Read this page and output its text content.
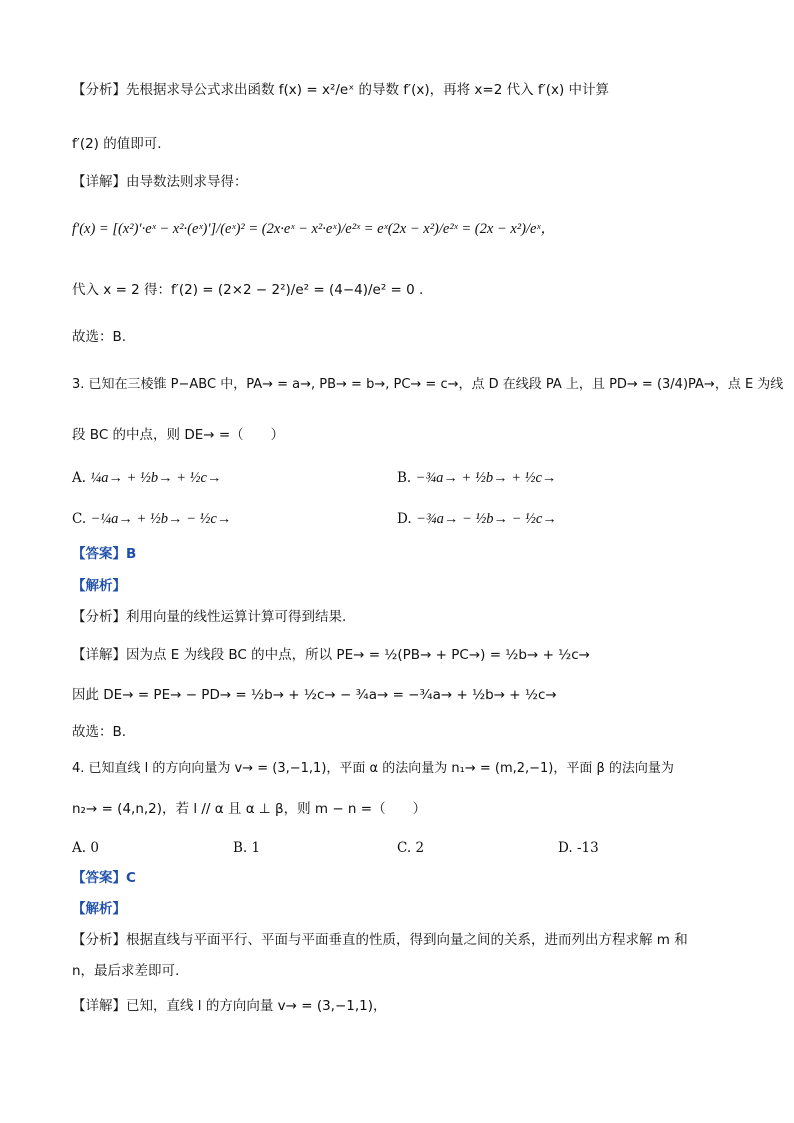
【分析】先根据求导公式求出函数 f(x) = x²/eˣ 的导数 f′(x)，再将 x=2 代入 f′(x) 中计算
f′(2) 的值即可.
【详解】由导数法则求导得：
f′(x) = [(x²)′·eˣ − x²·(eˣ)′]/(eˣ)² = (2x·eˣ − x²·eˣ)/e²ˣ = eˣ(2x − x²)/e²ˣ = (2x − x²)/eˣ，
代入 x = 2 得：f′(2) = (2×2 − 2²)/e² = (4−4)/e² = 0 .
故选：B.
3. 已知在三棱锥 P−ABC 中，PA→ = a→, PB→ = b→, PC→ = c→，点 D 在线段 PA 上，且 PD→ = (3/4)PA→，点 E 为线
段 BC 的中点，则 DE→ =（　　）
A. ¼a→ + ½b→ + ½c→	B. −¾a→ + ½b→ + ½c→
C. −¼a→ + ½b→ − ½c→	D. −¾a→ − ½b→ − ½c→
【答案】B
【解析】
【分析】利用向量的线性运算计算可得到结果.
【详解】因为点 E 为线段 BC 的中点，所以 PE→ = ½(PB→ + PC→) = ½b→ + ½c→
因此 DE→ = PE→ − PD→ = ½b→ + ½c→ − ¾a→ = −¾a→ + ½b→ + ½c→
故选：B.
4. 已知直线 l 的方向向量为 v→ = (3,−1,1)，平面 α 的法向量为 n₁→ = (m,2,−1)，平面 β 的法向量为
n₂→ = (4,n,2)，若 l // α 且 α ⊥ β，则 m − n =（　　）
A. 0	B. 1	C. 2	D. -13
【答案】C
【解析】
【分析】根据直线与平面平行、平面与平面垂直的性质，得到向量之间的关系，进而列出方程求解 m 和
n，最后求差即可.
【详解】已知，直线 l 的方向向量 v→ = (3,−1,1)，
